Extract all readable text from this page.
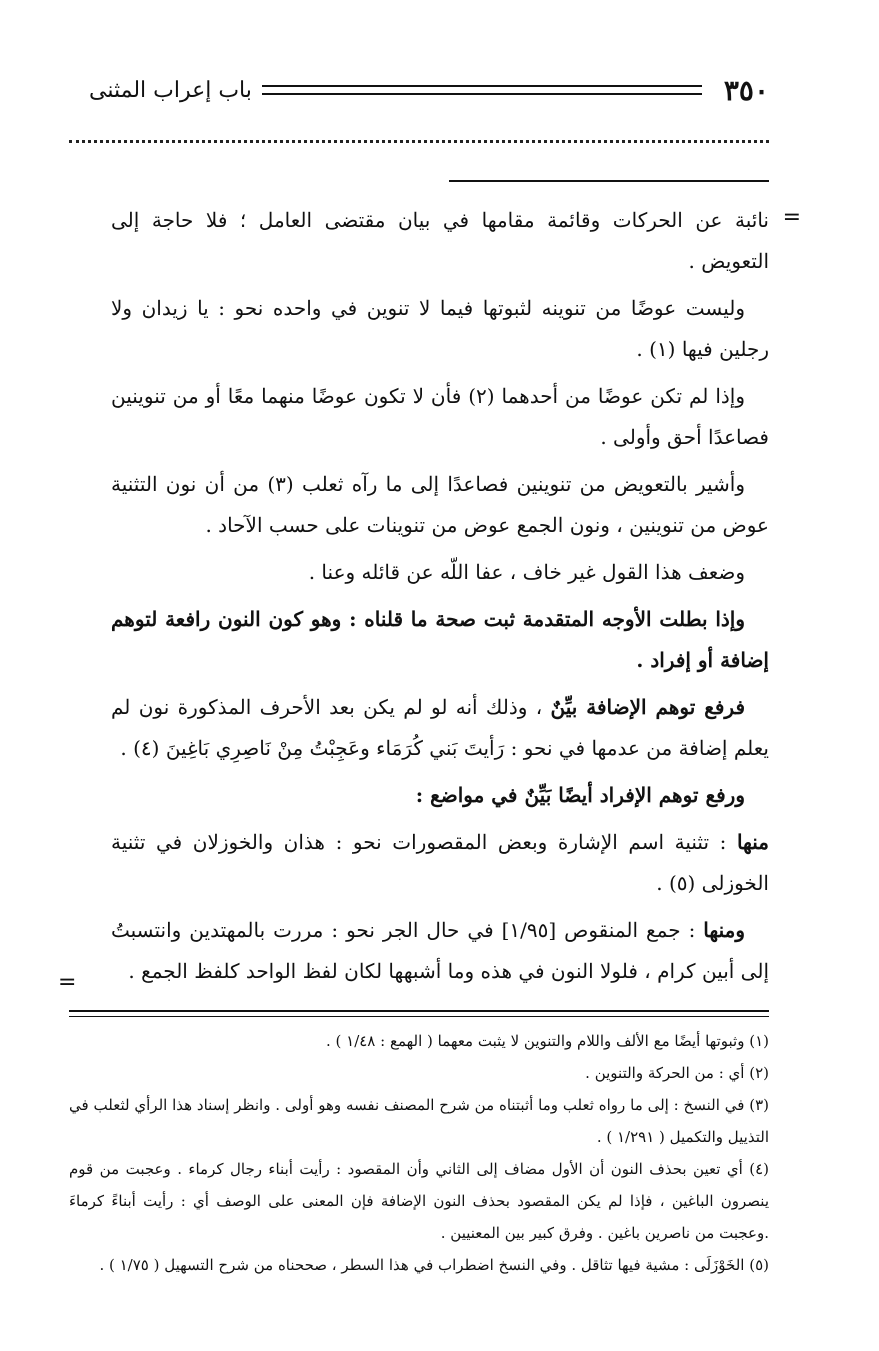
٣٥٠
باب إعراب المثنى
=

نائبة عن الحركات وقائمة مقامها في بيان مقتضى العامل ؛ فلا حاجة إلى التعويض .

وليست عوضًا من تنوينه لثبوتها فيما لا تنوين في واحده نحو : يا زيدان ولا رجلين فيها (١) .

وإذا لم تكن عوضًا من أحدهما (٢) فأن لا تكون عوضًا منهما معًا أو من تنوينين فصاعدًا أحق وأولى .

وأشير بالتعويض من تنوينين فصاعدًا إلى ما رآه ثعلب (٣) من أن نون التثنية عوض من تنوينين ، ونون الجمع عوض من تنوينات على حسب الآحاد .

وضعف هذا القول غير خاف ، عفا اللّه عن قائله وعنا .

وإذا بطلت الأوجه المتقدمة ثبت صحة ما قلناه : وهو كون النون رافعة لتوهم إضافة أو إفراد .

فرفع توهم الإضافة بيِّنٌ ، وذلك أنه لو لم يكن بعد الأحرف المذكورة نون لم يعلم إضافة من عدمها في نحو : رَأيتَ بَني كُرَمَاء وعَجِبْتُ مِنْ نَاصِرِي بَاغِينَ (٤) .

ورفع توهم الإفراد أيضًا بَيِّنٌ في مواضع :

منها : تثنية اسم الإشارة وبعض المقصورات نحو : هذان والخوزلان في تثنية الخوزلى (٥) .

ومنها : جمع المنقوص [١/٩٥] في حال الجر نحو : مررت بالمهتدين وانتسبتُ إلى أبين كرام ، فلولا النون في هذه وما أشبهها لكان لفظ الواحد كلفظ الجمع .

=

(١) وثبوتها أيضًا مع الألف واللام والتنوين لا يثبت معهما ( الهمع : ١/٤٨ ) .

(٢) أي : من الحركة والتنوين .

(٣) في النسخ : إلى ما رواه ثعلب وما أثبتناه من شرح المصنف نفسه وهو أولى . وانظر إسناد هذا الرأي لثعلب في التذييل والتكميل ( ١/٢٩١ ) .

(٤) أي تعين بحذف النون أن الأول مضاف إلى الثاني وأن المقصود : رأيت أبناء رجال كرماء . وعجبت من قوم ينصرون الباغين ، فإذا لم يكن المقصود بحذف النون الإضافة فإن المعنى على الوصف أي : رأيت أبناءً كرماءَ .وعجبت من ناصرين باغين . وفرق كبير بين المعنيين .

(٥) الخَوْزَلَى : مشية فيها تثاقل . وفي النسخ اضطراب في هذا السطر ، صححناه من شرح التسهيل ( ١/٧٥ ) .
